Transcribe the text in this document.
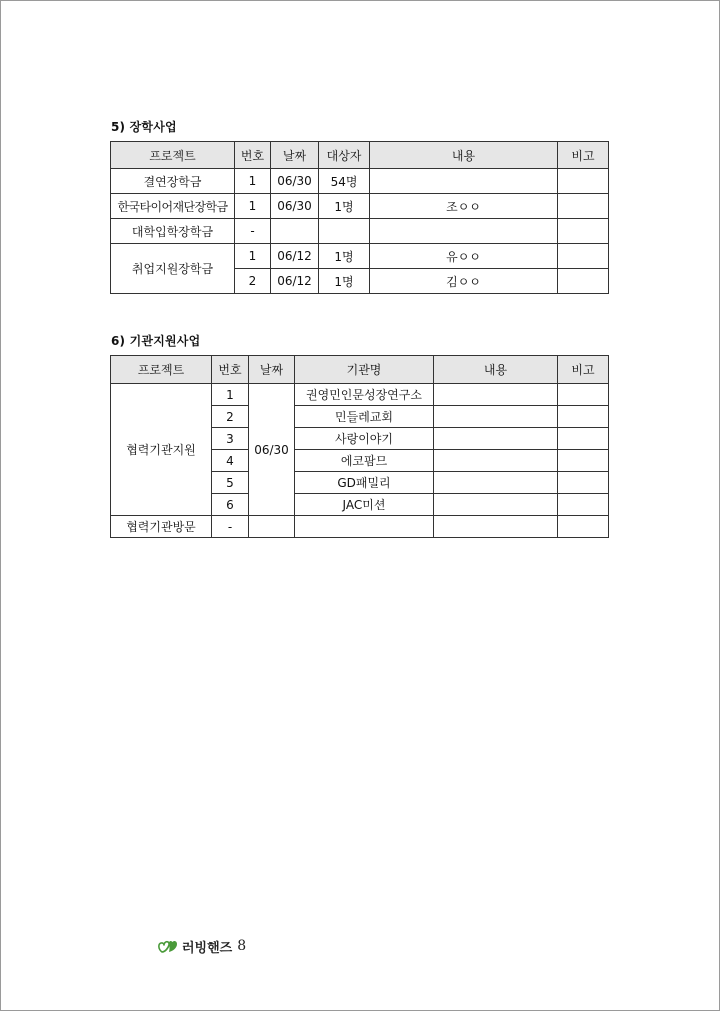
5) 장학사업
프로젝트	번호	날짜	대상자	내용	비고
결연장학금	1	06/30	54명		
한국타이어재단장학금	1	06/30	1명	조ㅇㅇ	
대학입학장학금	-				
취업지원장학금	1	06/12	1명	유ㅇㅇ	
	2	06/12	1명	김ㅇㅇ	
6) 기관지원사업
프로젝트	번호	날짜	기관명	내용	비고
협력기관지원	1	06/30	권영민인문성장연구소		
	2		민들레교회		
	3		사랑이야기		
	4		에코팜므		
	5		GD패밀리		
	6		JAC미션		
협력기관방문	-				
러빙핸즈 8
